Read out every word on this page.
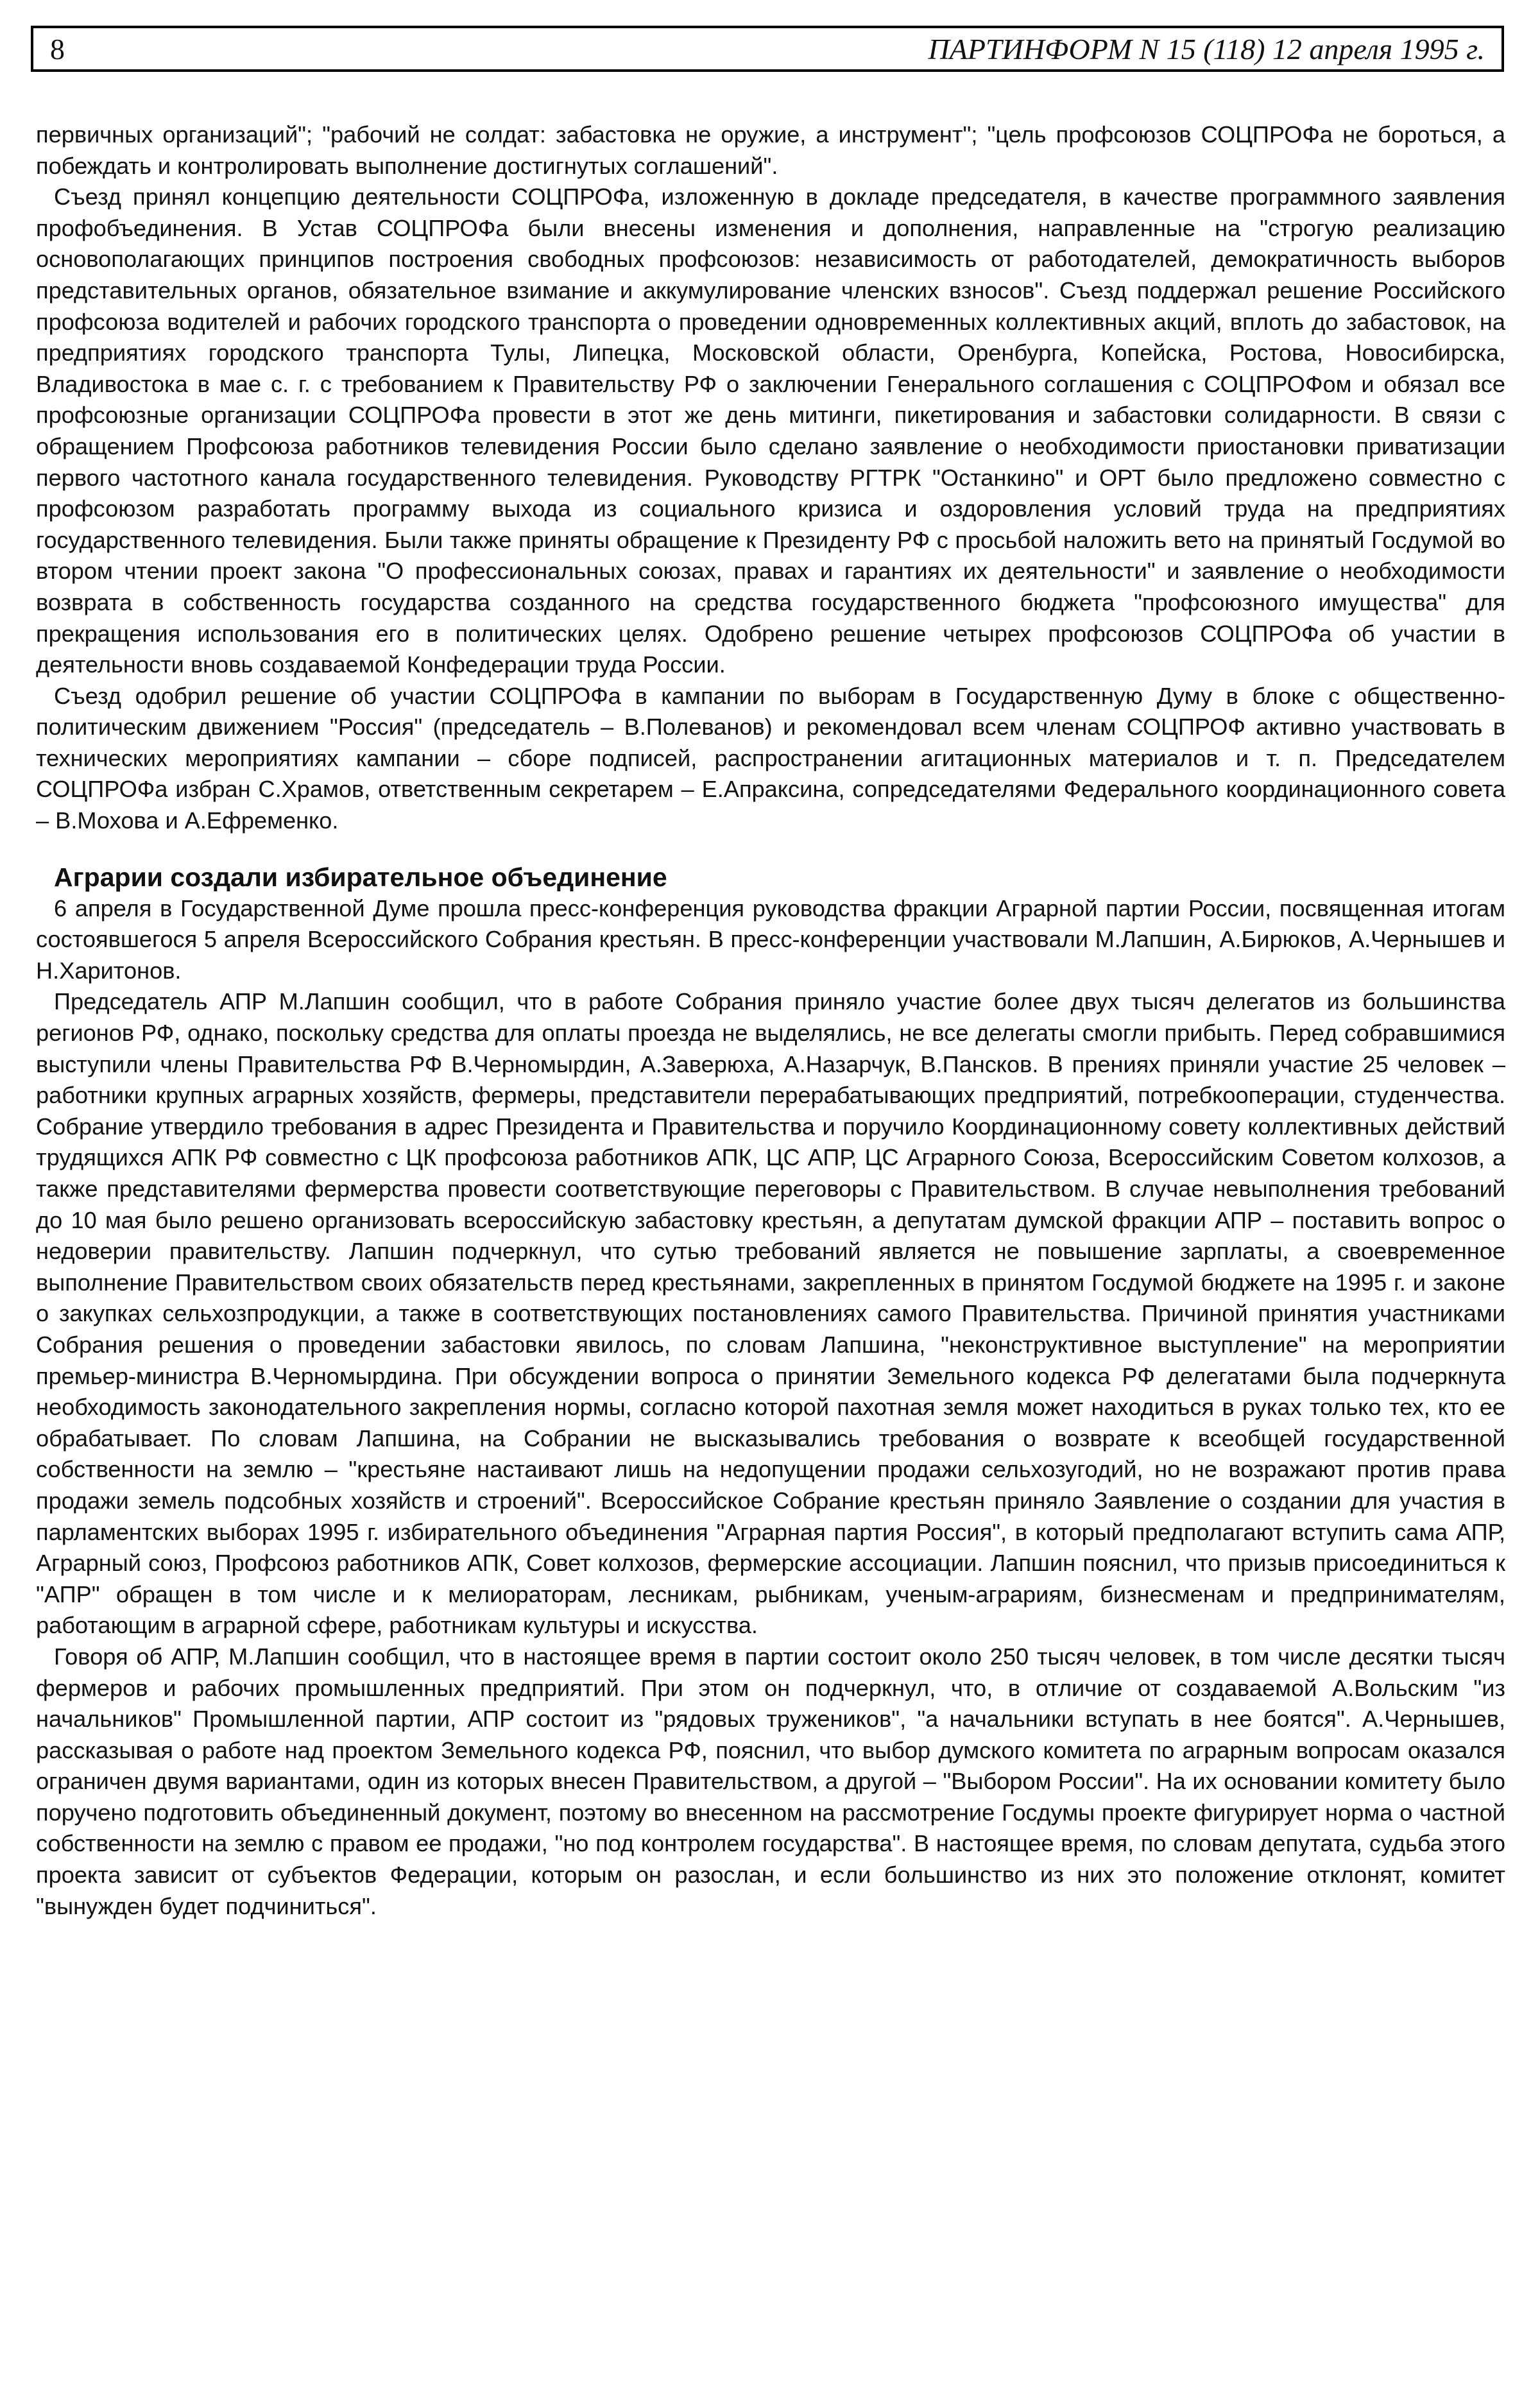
8	ПАРТИНФОРМ N 15 (118) 12 апреля 1995 г.

первичных организаций"; "рабочий не солдат: забастовка не оружие, а инструмент"; "цель профсоюзов СОЦПРОФа не бороться, а побеждать и контролировать выполнение достигнутых соглашений".

Съезд принял концепцию деятельности СОЦПРОФа, изложенную в докладе председателя, в качестве программного заявления профобъединения. В Устав СОЦПРОФа были внесены изменения и дополнения, направленные на "строгую реализацию основополагающих принципов построения свободных профсоюзов: независимость от работодателей, демократичность выборов представительных органов, обязательное взимание и аккумулирование членских взносов". Съезд поддержал решение Российского профсоюза водителей и рабочих городского транспорта о проведении одновременных коллективных акций, вплоть до забастовок, на предприятиях городского транспорта Тулы, Липецка, Московской области, Оренбурга, Копейска, Ростова, Новосибирска, Владивостока в мае с. г. с требованием к Правительству РФ о заключении Генерального соглашения с СОЦПРОФом и обязал все профсоюзные организации СОЦПРОФа провести в этот же день митинги, пикетирования и забастовки солидарности. В связи с обращением Профсоюза работников телевидения России было сделано заявление о необходимости приостановки приватизации первого частотного канала государственного телевидения. Руководству РГТРК "Останкино" и ОРТ было предложено совместно с профсоюзом разработать программу выхода из социального кризиса и оздоровления условий труда на предприятиях государственного телевидения. Были также приняты обращение к Президенту РФ с просьбой наложить вето на принятый Госдумой во втором чтении проект закона "О профессиональных союзах, правах и гарантиях их деятельности" и заявление о необходимости возврата в собственность государства созданного на средства государственного бюджета "профсоюзного имущества" для прекращения использования его в политических целях. Одобрено решение четырех профсоюзов СОЦПРОФа об участии в деятельности вновь создаваемой Конфедерации труда России.

Съезд одобрил решение об участии СОЦПРОФа в кампании по выборам в Государственную Думу в блоке с общественно-политическим движением "Россия" (председатель – В.Полеванов) и рекомендовал всем членам СОЦПРОФ активно участвовать в технических мероприятиях кампании – сборе подписей, распространении агитационных материалов и т. п. Председателем СОЦПРОФа избран С.Храмов, ответственным секретарем – Е.Апраксина, сопредседателями Федерального координационного совета – В.Мохова и А.Ефременко.

Аграрии создали избирательное объединение

6 апреля в Государственной Думе прошла пресс-конференция руководства фракции Аграрной партии России, посвященная итогам состоявшегося 5 апреля Всероссийского Собрания крестьян. В пресс-конференции участвовали М.Лапшин, А.Бирюков, А.Чернышев и Н.Харитонов.

Председатель АПР М.Лапшин сообщил, что в работе Собрания приняло участие более двух тысяч делегатов из большинства регионов РФ, однако, поскольку средства для оплаты проезда не выделялись, не все делегаты смогли прибыть. Перед собравшимися выступили члены Правительства РФ В.Черномырдин, А.Заверюха, А.Назарчук, В.Пансков. В прениях приняли участие 25 человек – работники крупных аграрных хозяйств, фермеры, представители перерабатывающих предприятий, потребкооперации, студенчества. Собрание утвердило требования в адрес Президента и Правительства и поручило Координационному совету коллективных действий трудящихся АПК РФ совместно с ЦК профсоюза работников АПК, ЦС АПР, ЦС Аграрного Союза, Всероссийским Советом колхозов, а также представителями фермерства провести соответствующие переговоры с Правительством. В случае невыполнения требований до 10 мая было решено организовать всероссийскую забастовку крестьян, а депутатам думской фракции АПР – поставить вопрос о недоверии правительству. Лапшин подчеркнул, что сутью требований является не повышение зарплаты, а своевременное выполнение Правительством своих обязательств перед крестьянами, закрепленных в принятом Госдумой бюджете на 1995 г. и законе о закупках сельхозпродукции, а также в соответствующих постановлениях самого Правительства. Причиной принятия участниками Собрания решения о проведении забастовки явилось, по словам Лапшина, "неконструктивное выступление" на мероприятии премьер-министра В.Черномырдина. При обсуждении вопроса о принятии Земельного кодекса РФ делегатами была подчеркнута необходимость законодательного закрепления нормы, согласно которой пахотная земля может находиться в руках только тех, кто ее обрабатывает. По словам Лапшина, на Собрании не высказывались требования о возврате к всеобщей государственной собственности на землю – "крестьяне настаивают лишь на недопущении продажи сельхозугодий, но не возражают против права продажи земель подсобных хозяйств и строений". Всероссийское Собрание крестьян приняло Заявление о создании для участия в парламентских выборах 1995 г. избирательного объединения "Аграрная партия Россия", в который предполагают вступить сама АПР, Аграрный союз, Профсоюз работников АПК, Совет колхозов, фермерские ассоциации. Лапшин пояснил, что призыв присоединиться к "АПР" обращен в том числе и к мелиораторам, лесникам, рыбникам, ученым-аграриям, бизнесменам и предпринимателям, работающим в аграрной сфере, работникам культуры и искусства.

Говоря об АПР, М.Лапшин сообщил, что в настоящее время в партии состоит около 250 тысяч человек, в том числе десятки тысяч фермеров и рабочих промышленных предприятий. При этом он подчеркнул, что, в отличие от создаваемой А.Вольским "из начальников" Промышленной партии, АПР состоит из "рядовых тружеников", "а начальники вступать в нее боятся". А.Чернышев, рассказывая о работе над проектом Земельного кодекса РФ, пояснил, что выбор думского комитета по аграрным вопросам оказался ограничен двумя вариантами, один из которых внесен Правительством, а другой – "Выбором России". На их основании комитету было поручено подготовить объединенный документ, поэтому во внесенном на рассмотрение Госдумы проекте фигурирует норма о частной собственности на землю с правом ее продажи, "но под контролем государства". В настоящее время, по словам депутата, судьба этого проекта зависит от субъектов Федерации, которым он разослан, и если большинство из них это положение отклонят, комитет "вынужден будет подчиниться".
